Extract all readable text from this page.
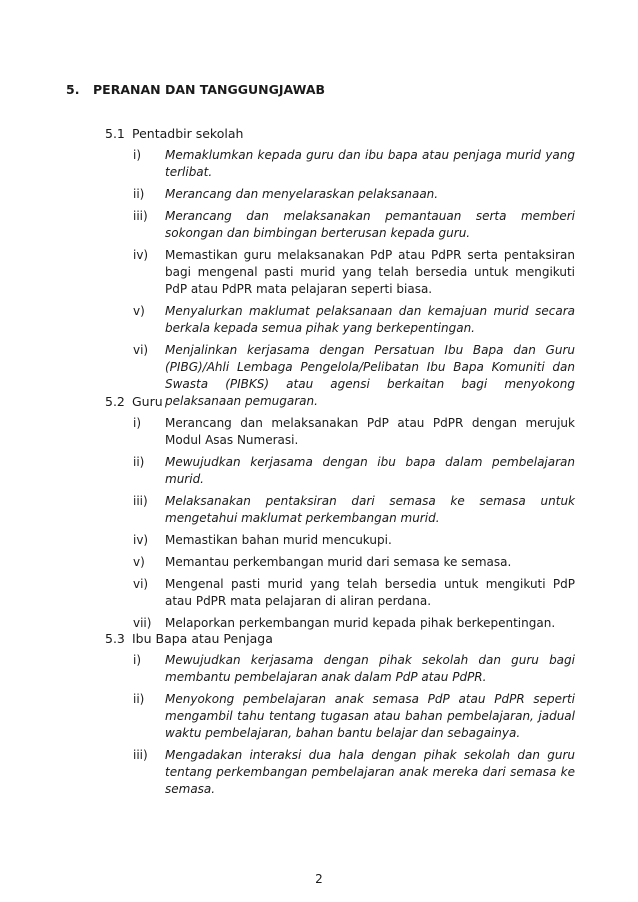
5. PERANAN DAN TANGGUNGJAWAB
5.1 Pentadbir sekolah
i) Memaklumkan kepada guru dan ibu bapa atau penjaga murid yang terlibat.
ii) Merancang dan menyelaraskan pelaksanaan.
iii) Merancang dan melaksanakan pemantauan serta memberi sokongan dan bimbingan berterusan kepada guru.
iv) Memastikan guru melaksanakan PdP atau PdPR serta pentaksiran bagi mengenal pasti murid yang telah bersedia untuk mengikuti PdP atau PdPR mata pelajaran seperti biasa.
v) Menyalurkan maklumat pelaksanaan dan kemajuan murid secara berkala kepada semua pihak yang berkepentingan.
vi) Menjalinkan kerjasama dengan Persatuan Ibu Bapa dan Guru (PIBG)/Ahli Lembaga Pengelola/Pelibatan Ibu Bapa Komuniti dan Swasta (PIBKS) atau agensi berkaitan bagi menyokong pelaksanaan pemugaran.
5.2 Guru
i) Merancang dan melaksanakan PdP atau PdPR dengan merujuk Modul Asas Numerasi.
ii) Mewujudkan kerjasama dengan ibu bapa dalam pembelajaran murid.
iii) Melaksanakan pentaksiran dari semasa ke semasa untuk mengetahui maklumat perkembangan murid.
iv) Memastikan bahan murid mencukupi.
v) Memantau perkembangan murid dari semasa ke semasa.
vi) Mengenal pasti murid yang telah bersedia untuk mengikuti PdP atau PdPR mata pelajaran di aliran perdana.
vii) Melaporkan perkembangan murid kepada pihak berkepentingan.
5.3 Ibu Bapa atau Penjaga
i) Mewujudkan kerjasama dengan pihak sekolah dan guru bagi membantu pembelajaran anak dalam PdP atau PdPR.
ii) Menyokong pembelajaran anak semasa PdP atau PdPR seperti mengambil tahu tentang tugasan atau bahan pembelajaran, jadual waktu pembelajaran, bahan bantu belajar dan sebagainya.
iii) Mengadakan interaksi dua hala dengan pihak sekolah dan guru tentang perkembangan pembelajaran anak mereka dari semasa ke semasa.
2
